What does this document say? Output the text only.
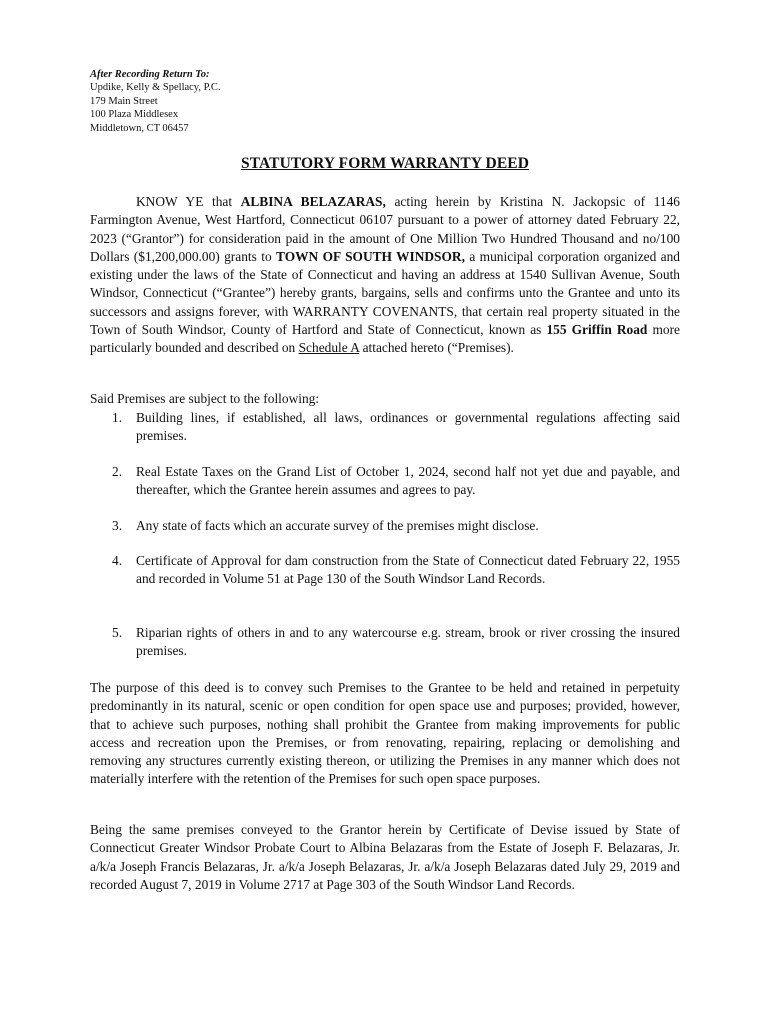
After Recording Return To:
Updike, Kelly & Spellacy, P.C.
179 Main Street
100 Plaza Middlesex
Middletown, CT 06457
STATUTORY FORM WARRANTY DEED
KNOW YE that ALBINA BELAZARAS, acting herein by Kristina N. Jackopsic of 1146 Farmington Avenue, West Hartford, Connecticut 06107 pursuant to a power of attorney dated February 22, 2023 (“Grantor”) for consideration paid in the amount of One Million Two Hundred Thousand and no/100 Dollars ($1,200,000.00) grants to TOWN OF SOUTH WINDSOR, a municipal corporation organized and existing under the laws of the State of Connecticut and having an address at 1540 Sullivan Avenue, South Windsor, Connecticut (“Grantee”) hereby grants, bargains, sells and confirms unto the Grantee and unto its successors and assigns forever, with WARRANTY COVENANTS, that certain real property situated in the Town of South Windsor, County of Hartford and State of Connecticut, known as 155 Griffin Road more particularly bounded and described on Schedule A attached hereto (“Premises).
Said Premises are subject to the following:
1.	Building lines, if established, all laws, ordinances or governmental regulations affecting said premises.
2.	Real Estate Taxes on the Grand List of October 1, 2024, second half not yet due and payable, and thereafter, which the Grantee herein assumes and agrees to pay.
3.	Any state of facts which an accurate survey of the premises might disclose.
4.	Certificate of Approval for dam construction from the State of Connecticut dated February 22, 1955 and recorded in Volume 51 at Page 130 of the South Windsor Land Records.
5.	Riparian rights of others in and to any watercourse e.g. stream, brook or river crossing the insured premises.
The purpose of this deed is to convey such Premises to the Grantee to be held and retained in perpetuity predominantly in its natural, scenic or open condition for open space use and purposes; provided, however, that to achieve such purposes, nothing shall prohibit the Grantee from making improvements for public access and recreation upon the Premises, or from renovating, repairing, replacing or demolishing and removing any structures currently existing thereon, or utilizing the Premises in any manner which does not materially interfere with the retention of the Premises for such open space purposes.
Being the same premises conveyed to the Grantor herein by Certificate of Devise issued by State of Connecticut Greater Windsor Probate Court to Albina Belazaras from the Estate of Joseph F. Belazaras, Jr. a/k/a Joseph Francis Belazaras, Jr. a/k/a Joseph Belazaras, Jr. a/k/a Joseph Belazaras dated July 29, 2019 and recorded August 7, 2019 in Volume 2717 at Page 303 of the South Windsor Land Records.
